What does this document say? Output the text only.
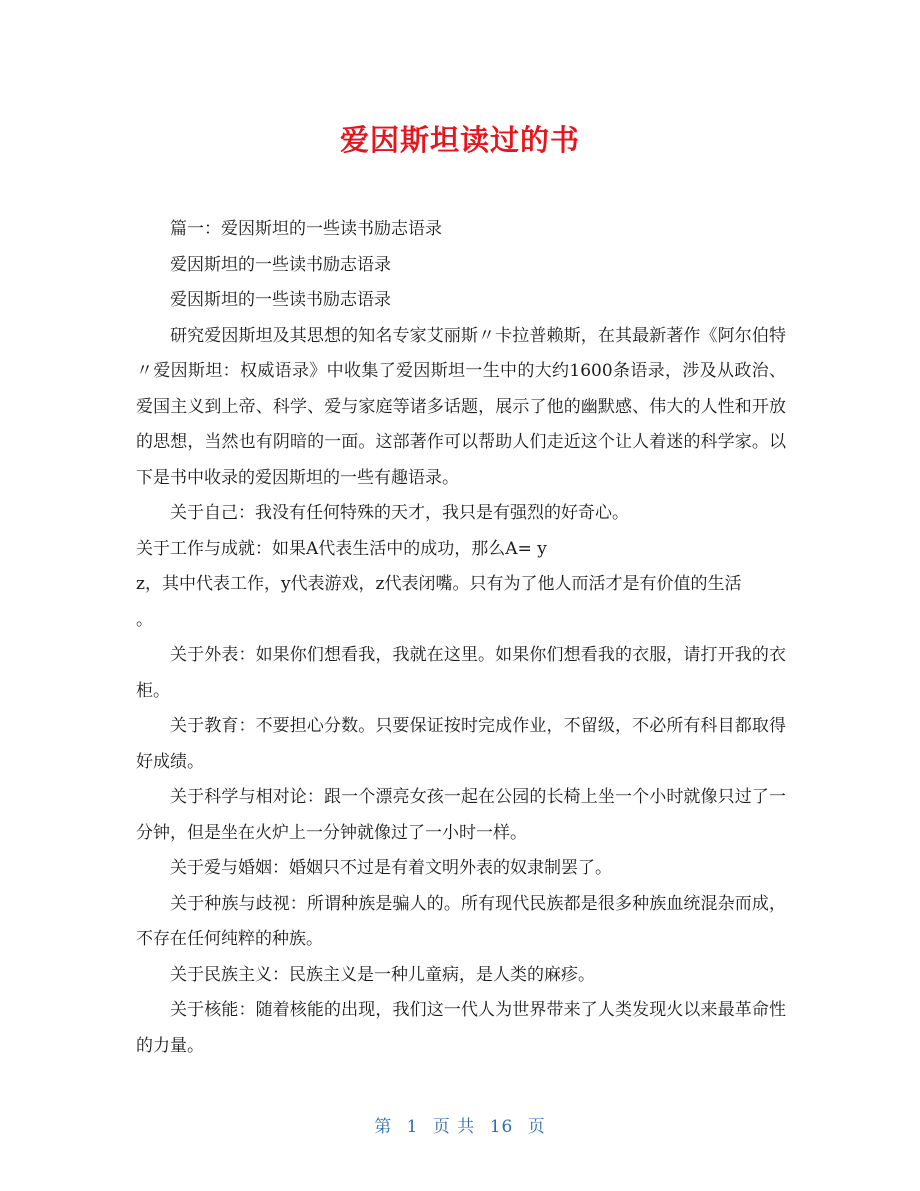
爱因斯坦读过的书

篇一：爱因斯坦的一些读书励志语录

爱因斯坦的一些读书励志语录

爱因斯坦的一些读书励志语录

研究爱因斯坦及其思想的知名专家艾丽斯〃卡拉普赖斯，在其最新著作《阿尔伯特〃爱因斯坦：权威语录》中收集了爱因斯坦一生中的大约1600条语录，涉及从政治、爱国主义到上帝、科学、爱与家庭等诸多话题，展示了他的幽默感、伟大的人性和开放的思想，当然也有阴暗的一面。这部著作可以帮助人们走近这个让人着迷的科学家。以下是书中收录的爱因斯坦的一些有趣语录。

关于自己：我没有任何特殊的天才，我只是有强烈的好奇心。

关于工作与成就：如果A代表生活中的成功，那么A= y

z，其中代表工作，y代表游戏，z代表闭嘴。只有为了他人而活才是有价值的生活

。

关于外表：如果你们想看我，我就在这里。如果你们想看我的衣服，请打开我的衣柜。

关于教育：不要担心分数。只要保证按时完成作业，不留级，不必所有科目都取得好成绩。

关于科学与相对论：跟一个漂亮女孩一起在公园的长椅上坐一个小时就像只过了一分钟，但是坐在火炉上一分钟就像过了一小时一样。

关于爱与婚姻：婚姻只不过是有着文明外表的奴隶制罢了。

关于种族与歧视：所谓种族是骗人的。所有现代民族都是很多种族血统混杂而成，不存在任何纯粹的种族。

关于民族主义：民族主义是一种儿童病，是人类的麻疹。

关于核能：随着核能的出现，我们这一代人为世界带来了人类发现火以来最革命性的力量。

第 1 页 共 16 页
